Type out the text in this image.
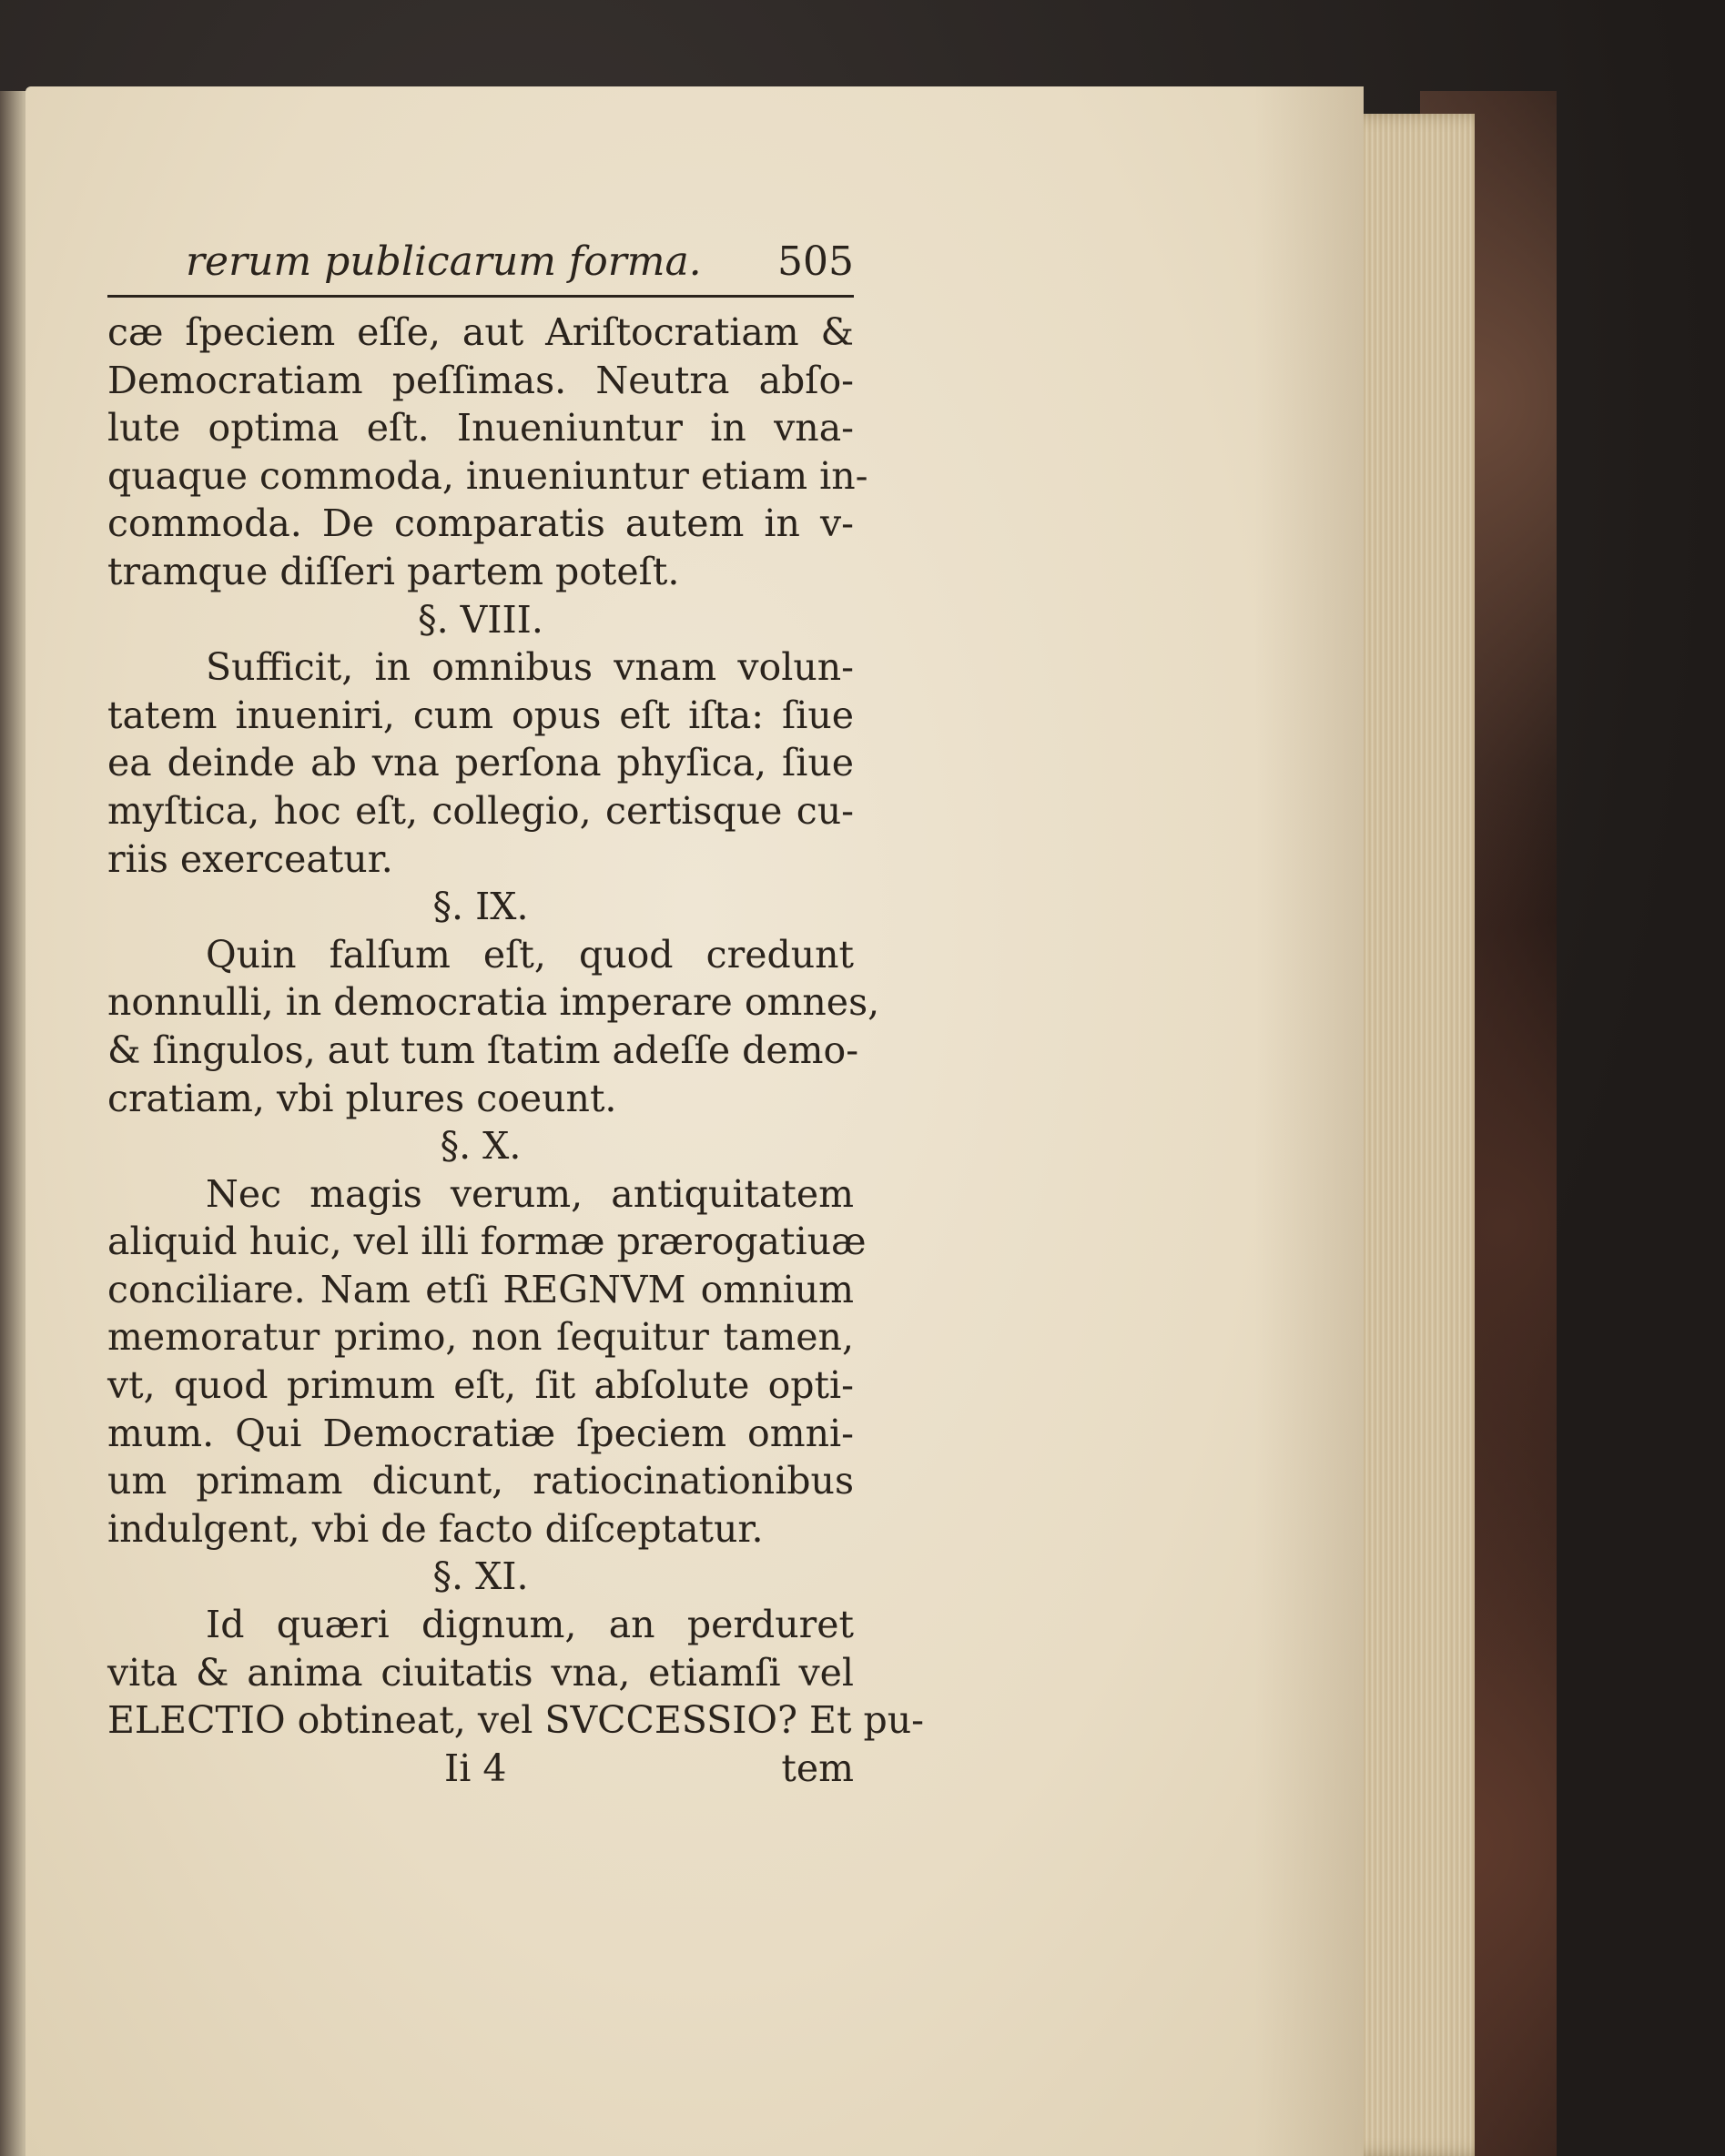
rerum publicarum forma. 505
cæ ſpeciem eſſe, aut Ariſtocratiam &
Democratiam peſſimas. Neutra abſo-
lute optima eſt. Inueniuntur in vna-
quaque commoda, inueniuntur etiam in-
commoda. De comparatis autem in v-
tramque diſſeri partem poteſt.
§. VIII.
Sufficit, in omnibus vnam volun-
tatem inueniri, cum opus eſt iſta: ſiue
ea deinde ab vna perſona phyſica, ſiue
myſtica, hoc eſt, collegio, certisque cu-
riis exerceatur.
§. IX.
Quin falſum eſt, quod credunt
nonnulli, in democratia imperare omnes,
& ſingulos, aut tum ſtatim adeſſe demo-
cratiam, vbi plures coeunt.
§. X.
Nec magis verum, antiquitatem
aliquid huic, vel illi formæ prærogatiuæ
conciliare. Nam etſi REGNVM omnium
memoratur primo, non ſequitur tamen,
vt, quod primum eſt, ſit abſolute opti-
mum. Qui Democratiæ ſpeciem omni-
um primam dicunt, ratiocinationibus
indulgent, vbi de facto diſceptatur.
§. XI.
Id quæri dignum, an perduret
vita & anima ciuitatis vna, etiamſi vel
ELECTIO obtineat, vel SVCCESSIO? Et pu-
Ii 4	tem
